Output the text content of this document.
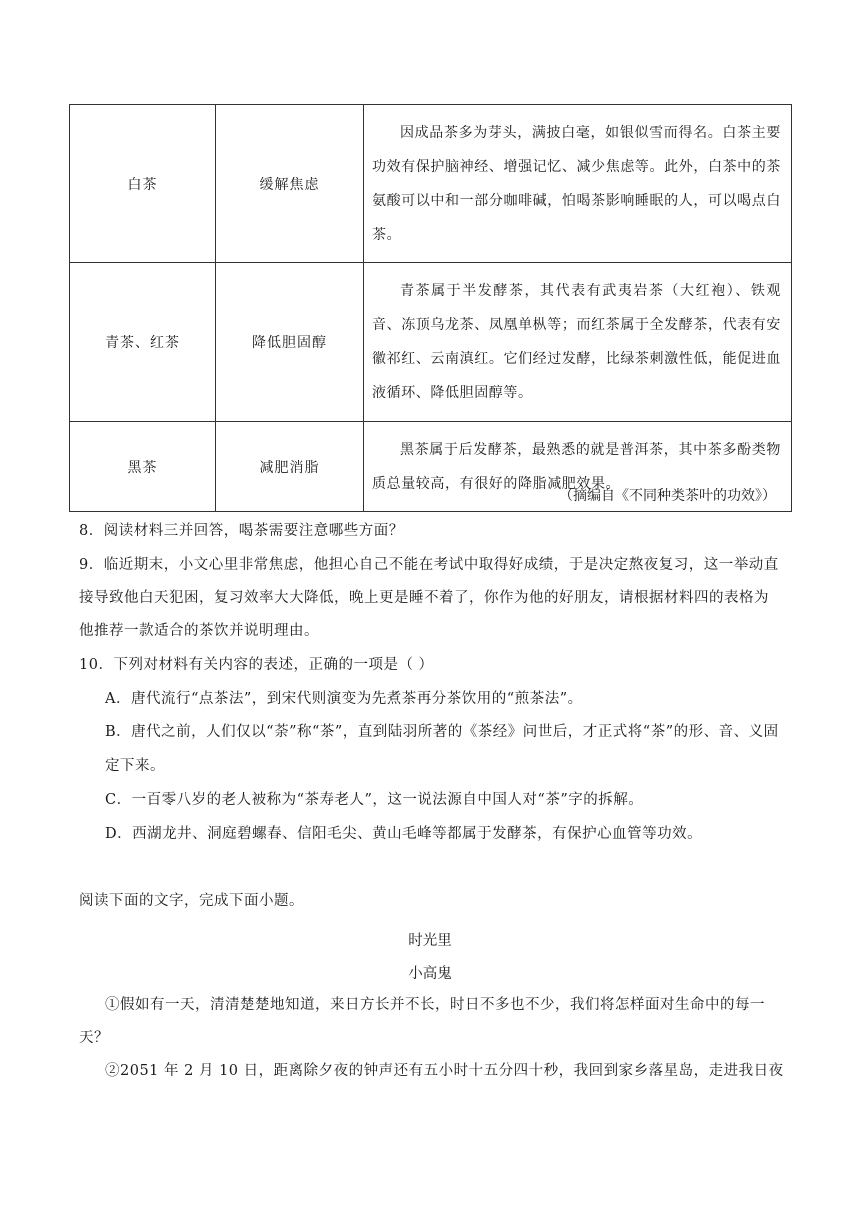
白茶	缓解焦虑	因成品茶多为芽头，满披白毫，如银似雪而得名。白茶主要功效有保护脑神经、增强记忆、减少焦虑等。此外，白茶中的茶氨酸可以中和一部分咖啡碱，怕喝茶影响睡眠的人，可以喝点白茶。
青茶、红茶	降低胆固醇	青茶属于半发酵茶，其代表有武夷岩茶（大红袍）、铁观音、冻顶乌龙茶、凤凰单枞等；而红茶属于全发酵茶，代表有安徽祁红、云南滇红。它们经过发酵，比绿茶刺激性低，能促进血液循环、降低胆固醇等。
黑茶	减肥消脂	黑茶属于后发酵茶，最熟悉的就是普洱茶，其中茶多酚类物质总量较高，有很好的降脂减肥效果。
（摘编自《不同种类茶叶的功效》）
8．阅读材料三并回答，喝茶需要注意哪些方面？
9．临近期末，小文心里非常焦虑，他担心自己不能在考试中取得好成绩，于是决定熬夜复习，这一举动直
接导致他白天犯困，复习效率大大降低，晚上更是睡不着了，你作为他的好朋友，请根据材料四的表格为
他推荐一款适合的茶饮并说明理由。
10．下列对材料有关内容的表述，正确的一项是（ ）
A．唐代流行“点茶法”，到宋代则演变为先煮茶再分茶饮用的“煎茶法”。
B．唐代之前，人们仅以“荼”称“茶”，直到陆羽所著的《茶经》问世后，才正式将“茶”的形、音、义固
定下来。
C．一百零八岁的老人被称为“茶寿老人”，这一说法源自中国人对“茶”字的拆解。
D．西湖龙井、洞庭碧螺春、信阳毛尖、黄山毛峰等都属于发酵茶，有保护心血管等功效。
阅读下面的文字，完成下面小题。
时光里
小高鬼
①假如有一天，清清楚楚地知道，来日方长并不长，时日不多也不少，我们将怎样面对生命中的每一
天？
②2051 年 2 月 10 日，距离除夕夜的钟声还有五小时十五分四十秒，我回到家乡落星岛，走进我日夜
